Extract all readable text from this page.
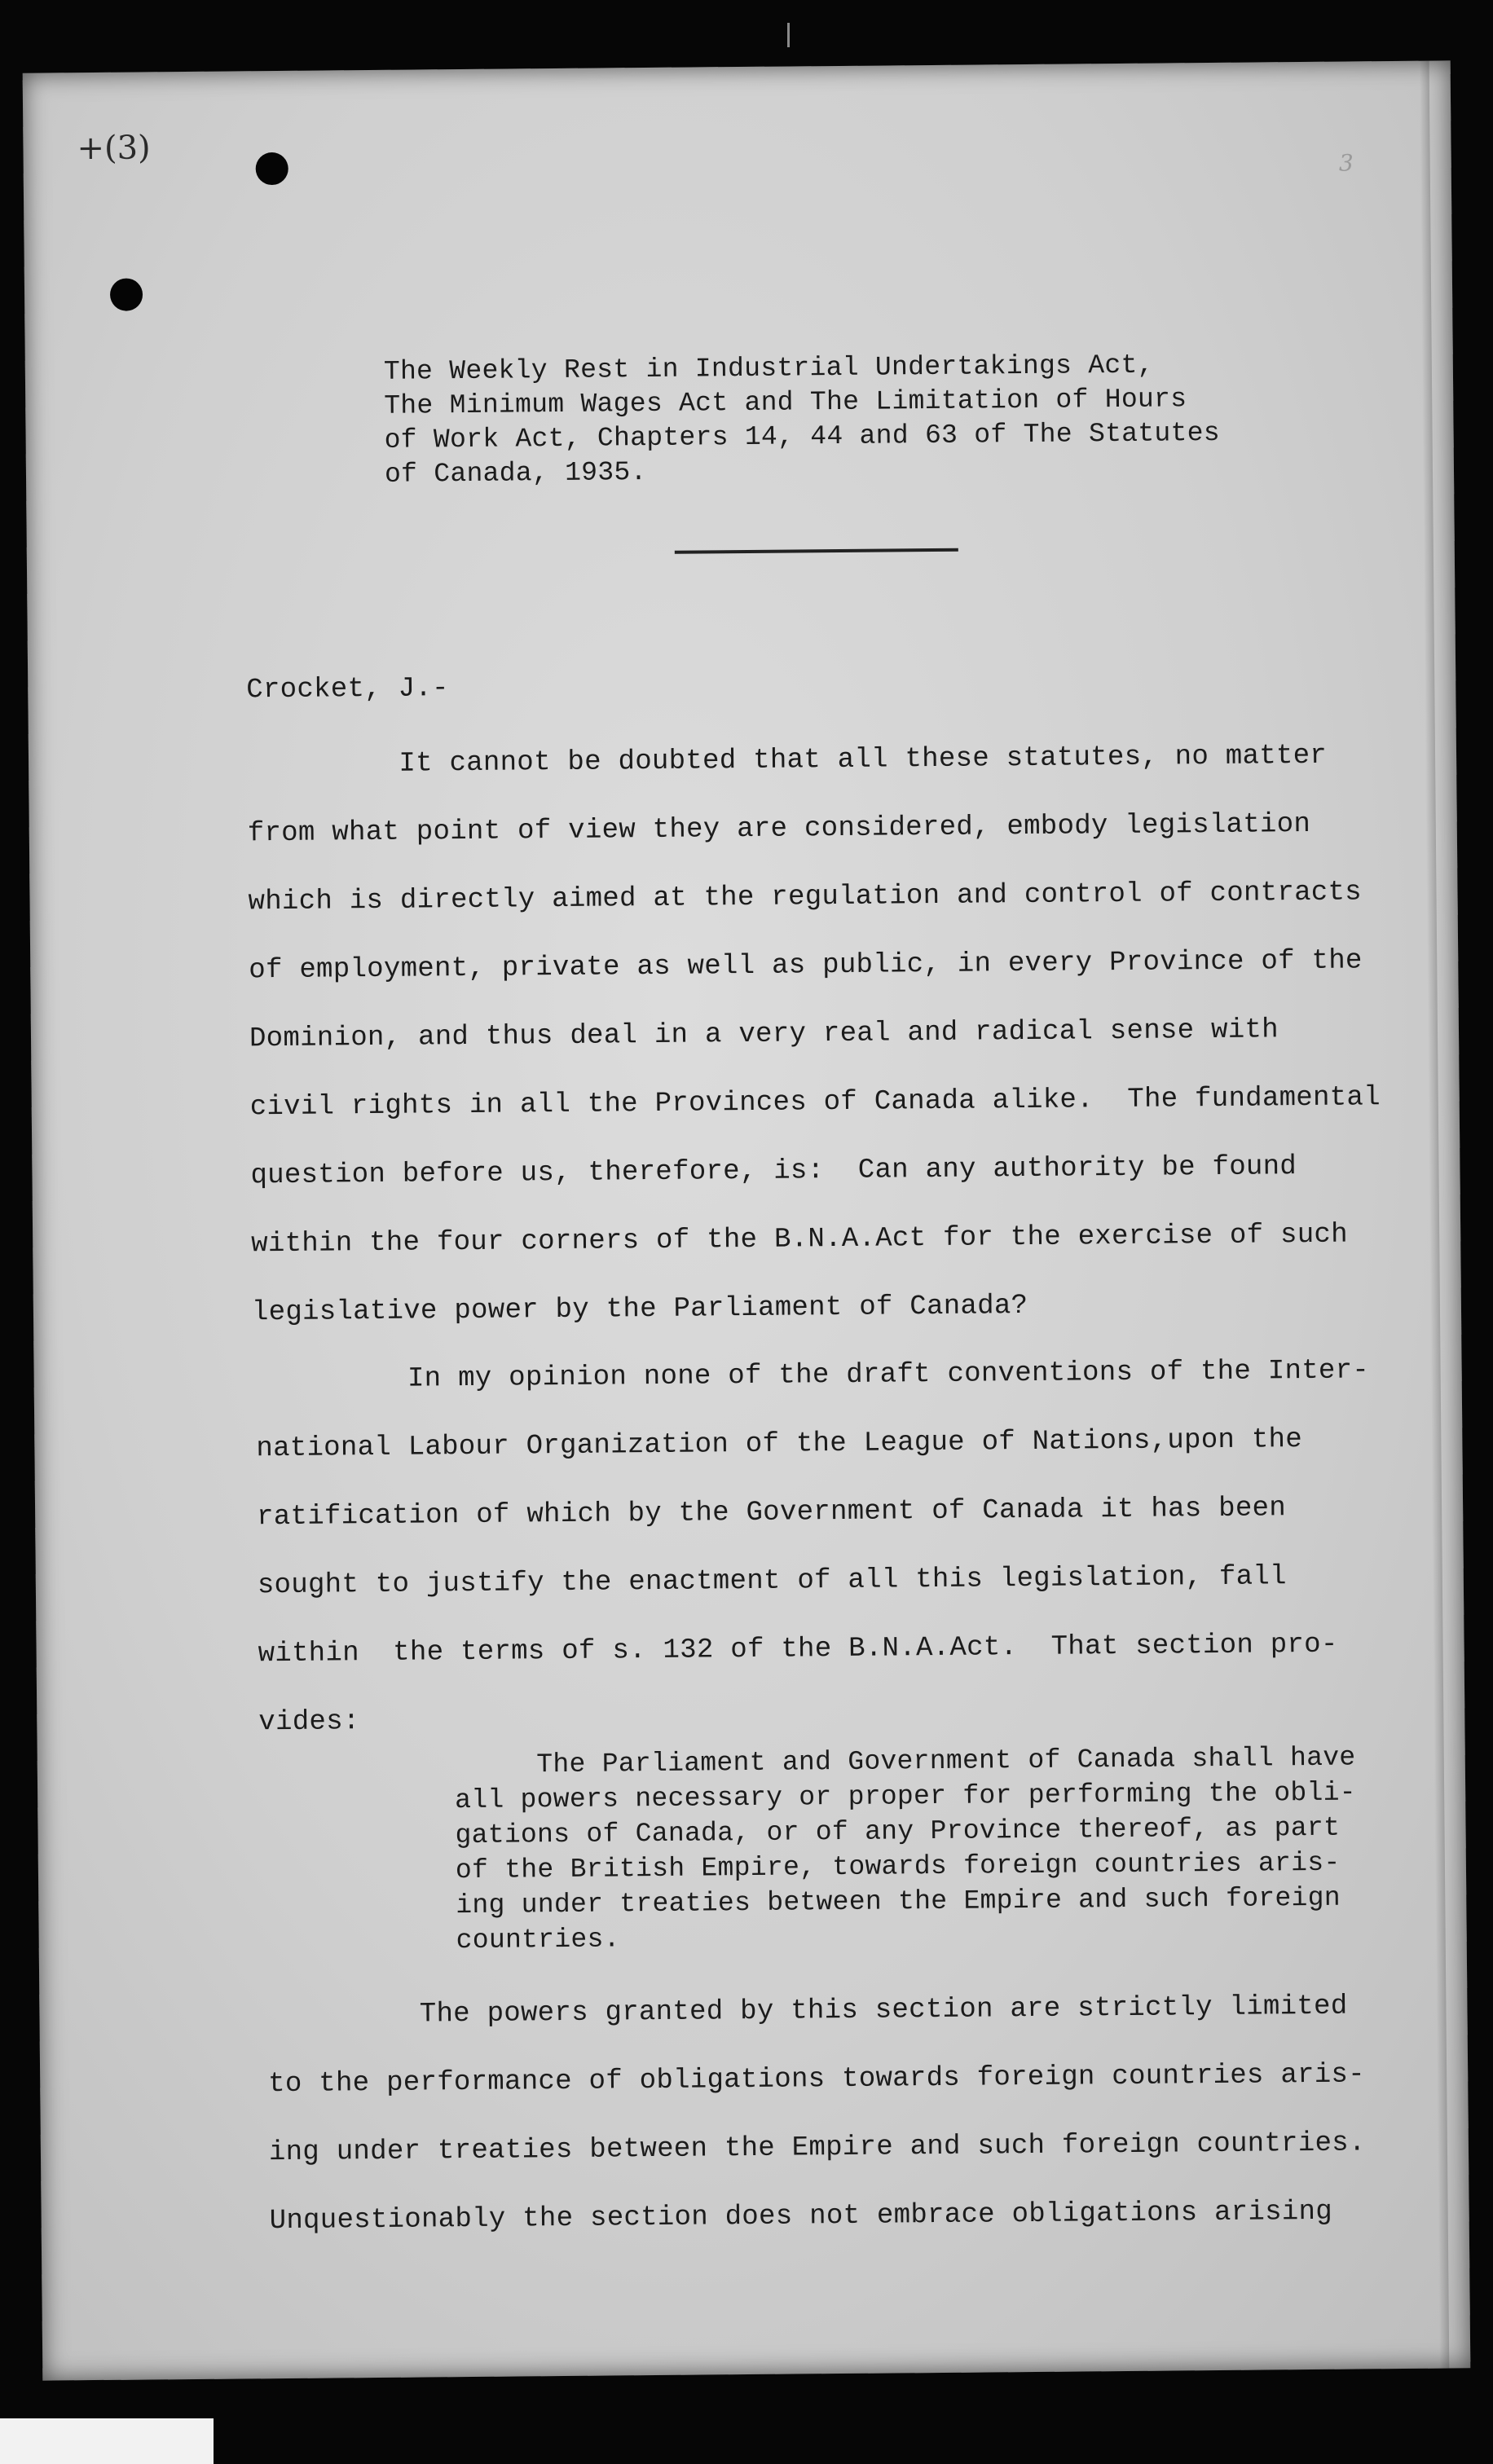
+(3)	3

The Weekly Rest in Industrial Undertakings Act,
The Minimum Wages Act and The Limitation of Hours
of Work Act, Chapters 14, 44 and 63 of The Statutes
of Canada, 1935.

Crocket, J.-

It cannot be doubted that all these statutes, no matter
from what point of view they are considered, embody legislation
which is directly aimed at the regulation and control of contracts
of employment, private as well as public, in every Province of the
Dominion, and thus deal in a very real and radical sense with
civil rights in all the Provinces of Canada alike.  The fundamental
question before us, therefore, is:  Can any authority be found
within the four corners of the B.N.A.Act for the exercise of such
legislative power by the Parliament of Canada?

In my opinion none of the draft conventions of the Inter-
national Labour Organization of the League of Nations,upon the
ratification of which by the Government of Canada it has been
sought to justify the enactment of all this legislation, fall
within  the terms of s. 132 of the B.N.A.Act.  That section pro-
vides:

The Parliament and Government of Canada shall have
all powers necessary or proper for performing the obli-
gations of Canada, or of any Province thereof, as part
of the British Empire, towards foreign countries aris-
ing under treaties between the Empire and such foreign
countries.

The powers granted by this section are strictly limited
to the performance of obligations towards foreign countries aris-
ing under treaties between the Empire and such foreign countries.
Unquestionably the section does not embrace obligations arising
